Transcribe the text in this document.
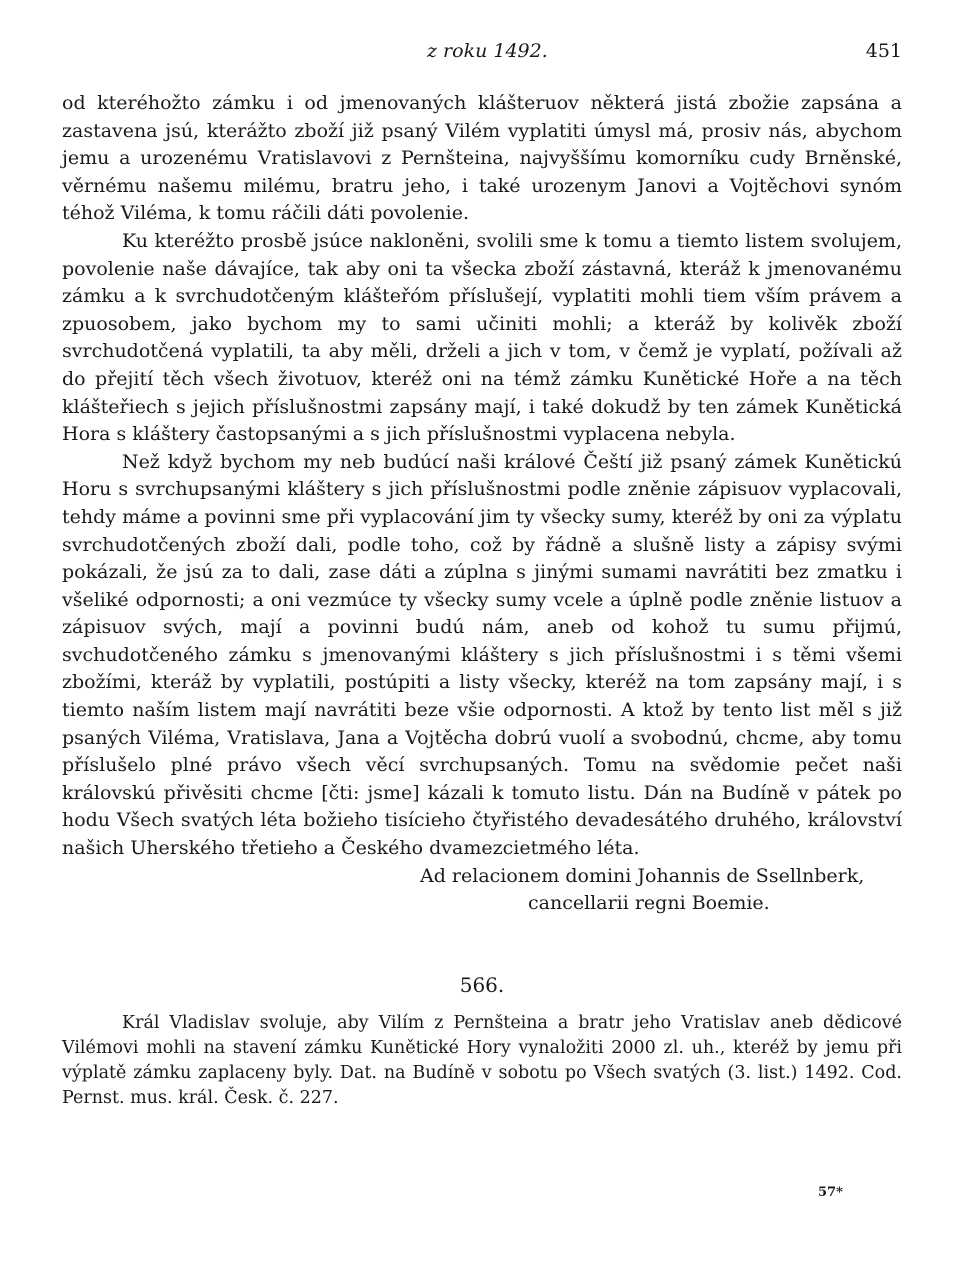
z roku 1492.	451

od kteréhožto zámku i od jmenovaných klášteruov některá jistá zbožie zapsána a zastavena jsú, kterážto zboží již psaný Vilém vyplatiti úmysl má, prosiv nás, abychom jemu a urozenému Vratislavovi z Pernšteina, najvyššímu komorníku cudy Brněnské, věrnému našemu milému, bratru jeho, i také urozenym Janovi a Vojtěchovi synóm téhož Viléma, k tomu ráčili dáti povolenie.

Ku kteréžto prosbě jsúce nakloněni, svolili sme k tomu a tiemto listem svolujem, povolenie naše dávajíce, tak aby oni ta všecka zboží zástavná, kteráž k jmenovanému zámku a k svrchudotčeným klášteřóm příslušejí, vyplatiti mohli tiem vším právem a zpuosobem, jako bychom my to sami učiniti mohli; a kteráž by kolivěk zboží svrchudotčená vyplatili, ta aby měli, drželi a jich v tom, v čemž je vyplatí, požívali až do přejití těch všech životuov, kteréž oni na témž zámku Kunětické Hoře a na těch klášteřiech s jejich příslušnostmi zapsány mají, i také dokudž by ten zámek Kunětická Hora s kláštery častopsanými a s jich příslušnostmi vyplacena nebyla.

Než když bychom my neb budúcí naši králové Čeští již psaný zámek Kunětickú Horu s svrchupsanými kláštery s jich příslušnostmi podle zněnie zápisuov vyplacovali, tehdy máme a povinni sme při vyplacování jim ty všecky sumy, kteréž by oni za výplatu svrchudotčených zboží dali, podle toho, což by řádně a slušně listy a zápisy svými pokázali, že jsú za to dali, zase dáti a zúplna s jinými sumami navrátiti bez zmatku i všeliké odpornosti; a oni vezmúce ty všecky sumy vcele a úplně podle zněnie listuov a zápisuov svých, mají a povinni budú nám, aneb od kohož tu sumu přijmú, svchudotčeného zámku s jmenovanými kláštery s jich příslušnostmi i s těmi všemi zbožími, kteráž by vyplatili, postúpiti a listy všecky, kteréž na tom zapsány mají, i s tiemto naším listem mají navrátiti beze všie odpornosti. A ktož by tento list měl s již psaných Viléma, Vratislava, Jana a Vojtěcha dobrú vuolí a svobodnú, chcme, aby tomu příslušelo plné právo všech věcí svrchupsaných. Tomu na svědomie pečet naši královskú přivěsiti chcme [čti: jsme] kázali k tomuto listu. Dán na Budíně v pátek po hodu Všech svatých léta božieho tisícieho čtyřistého devadesátého druhého, království našich Uherského třetieho a Českého dvamezcietmého léta.

Ad relacionem domini Johannis de Ssellnberk,
cancellarii regni Boemie.
566.
Král Vladislav svoluje, aby Vilím z Pernšteina a bratr jeho Vratislav aneb dědicové Vilémovi mohli na stavení zámku Kunětické Hory vynaložiti 2000 zl. uh., kteréž by jemu při výplatě zámku zaplaceny byly. Dat. na Budíně v sobotu po Všech svatých (3. list.) 1492. Cod. Pernst. mus. král. Česk. č. 227.
57*
